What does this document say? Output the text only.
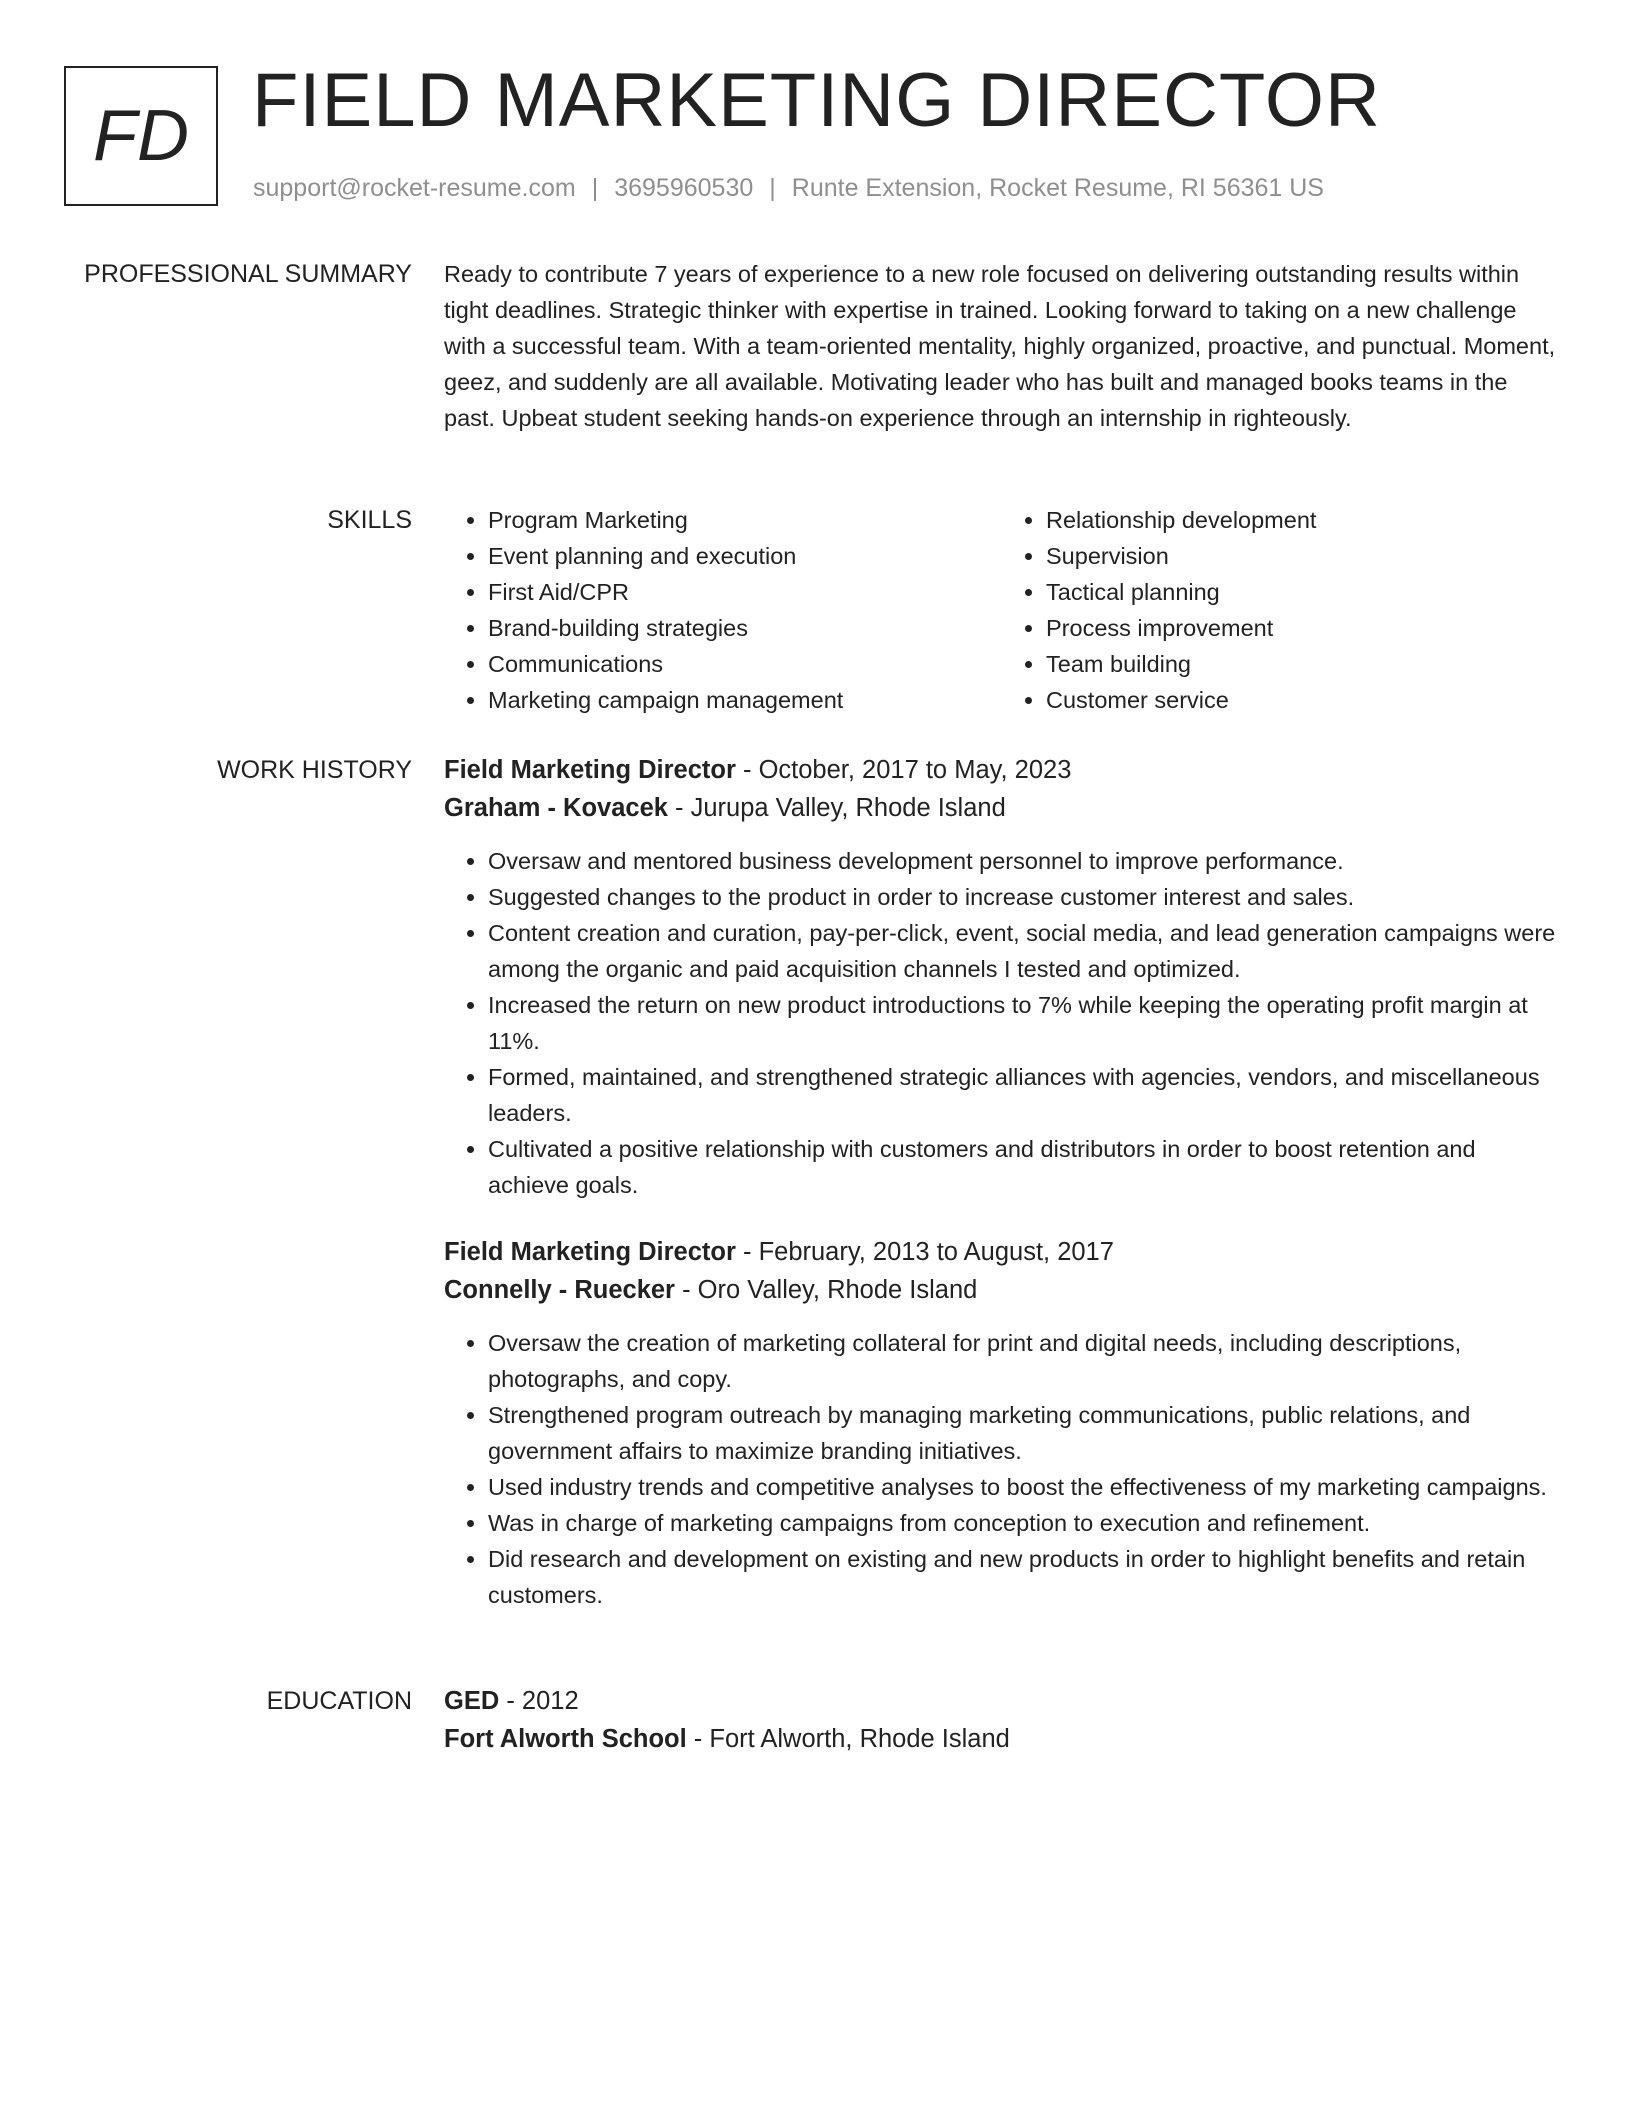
FD FIELD MARKETING DIRECTOR
support@rocket-resume.com | 3695960530 | Runte Extension, Rocket Resume, RI 56361 US
PROFESSIONAL SUMMARY Ready to contribute 7 years of experience to a new role focused on delivering outstanding results within tight deadlines. Strategic thinker with expertise in trained. Looking forward to taking on a new challenge with a successful team. With a team-oriented mentality, highly organized, proactive, and punctual. Moment, geez, and suddenly are all available. Motivating leader who has built and managed books teams in the past. Upbeat student seeking hands-on experience through an internship in righteously.
SKILLS
•	Program Marketing
• Event planning and execution
• First Aid/CPR
• Brand-building strategies
• Communications
• Marketing campaign management
• Relationship development
• Supervision
• Tactical planning
• Process improvement
• Team building
• Customer service
WORK HISTORY Field Marketing Director - October, 2017 to May, 2023
Graham - Kovacek - Jurupa Valley, Rhode Island
• Oversaw and mentored business development personnel to improve performance.
• Suggested changes to the product in order to increase customer interest and sales.
• Content creation and curation, pay-per-click, event, social media, and lead generation campaigns were among the organic and paid acquisition channels I tested and optimized.
• Increased the return on new product introductions to 7% while keeping the operating profit margin at 11%.
• Formed, maintained, and strengthened strategic alliances with agencies, vendors, and miscellaneous leaders.
• Cultivated a positive relationship with customers and distributors in order to boost retention and achieve goals.
Field Marketing Director - February, 2013 to August, 2017
Connelly - Ruecker - Oro Valley, Rhode Island
• Oversaw the creation of marketing collateral for print and digital needs, including descriptions, photographs, and copy.
• Strengthened program outreach by managing marketing communications, public relations, and government affairs to maximize branding initiatives.
• Used industry trends and competitive analyses to boost the effectiveness of my marketing campaigns.
• Was in charge of marketing campaigns from conception to execution and refinement.
• Did research and development on existing and new products in order to highlight benefits and retain customers.
EDUCATION GED - 2012
Fort Alworth School - Fort Alworth, Rhode Island
